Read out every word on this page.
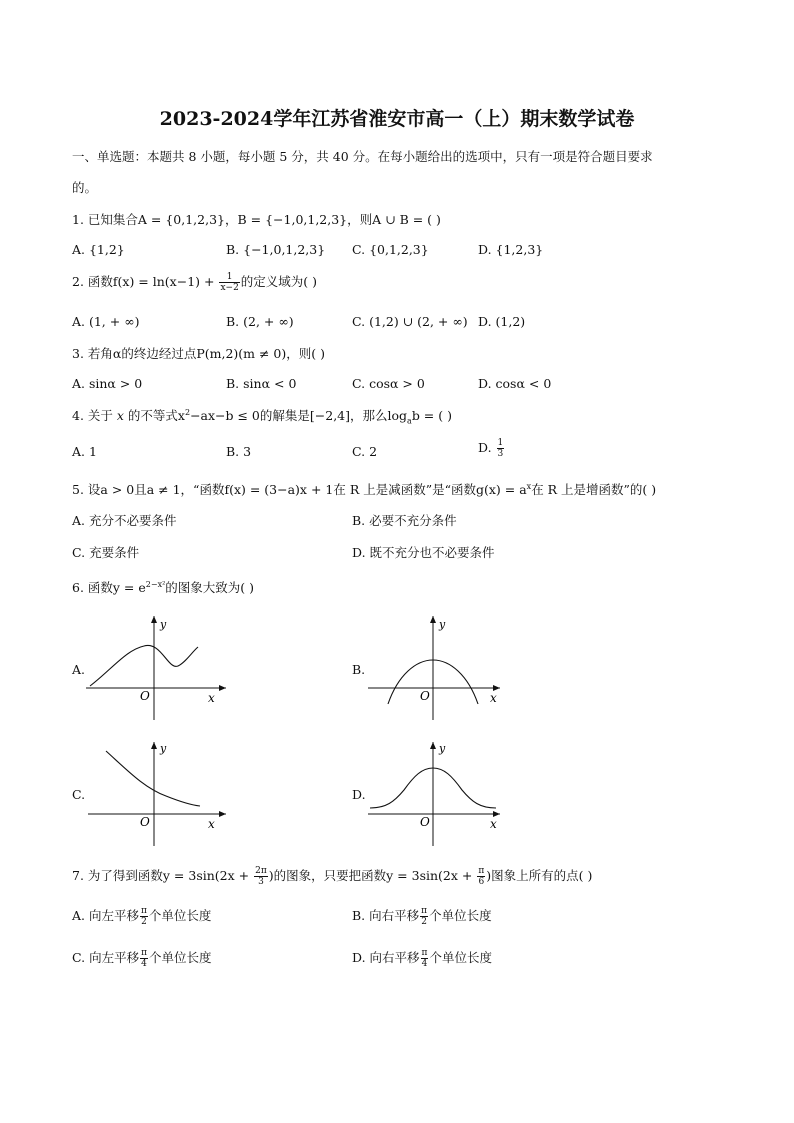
2023-2024学年江苏省淮安市高一（上）期末数学试卷
一、单选题：本题共 8 小题，每小题 5 分，共 40 分。在每小题给出的选项中，只有一项是符合题目要求
的。
1. 已知集合A = {0,1,2,3}，B = {−1,0,1,2,3}，则A ∪ B = ( )
A. {1,2}	B. {−1,0,1,2,3} C. {0,1,2,3}	D. {1,2,3}
2. 函数$f(x) = \ln(x-1) + \frac{1}{x-2}$ 的定义域为( )
A. (1, + ∞)	B. (2, + ∞)	C. (1,2) ∪ (2, + ∞) D. (1,2)
3. 若角α的终边经过点P(m,2)(m ≠ 0)，则( )
A. sinα > 0	B. sinα < 0	C. cosα > 0	D. cosα < 0
4. 关于 x 的不等式$x^2-ax-b \le 0$的解集是[−2,4]，那么$\log_ab$ = ( )
A. 1	B. 3	C. 2	D. $\frac{1}{3}$
5. 设a > 0且a ≠ 1，“函数f(x) = (3−a)x + 1在 R 上是减函数”是“函数$g(x) = a^x$在 R 上是增函数”的( )
A. 充分不必要条件	B. 必要不充分条件
C. 充要条件	D. 既不充分也不必要条件
6. 函数$y = e^{2-x^2}$的图象大致为( )
A.
y
x
O
B.
y
x
O
C.
y
x
O
D.
y
x
O
7. 为了得到函数$y = 3\sin(2x + \frac{2\pi}{3}$ )的图象，只要把函数$y = 3\sin(2x + \frac{\pi}{6}$ )图象上所有的点( )
A. 向左平移 $\frac{\pi}{2}$ 个单位长度	B. 向右平移 $\frac{\pi}{2}$ 个单位长度
C. 向左平移 $\frac{\pi}{4}$ 个单位长度	D. 向右平移 $\frac{\pi}{4}$ 个单位长度
